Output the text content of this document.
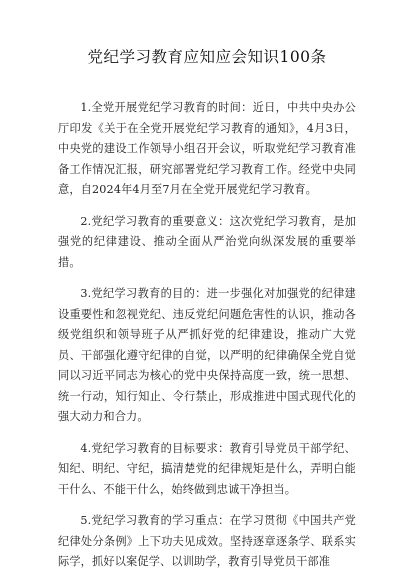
党纪学习教育应知应会知识100条

1.全党开展党纪学习教育的时间：近日，中共中央办公厅印发《关于在全党开展党纪学习教育的通知》，4月3日，中央党的建设工作领导小组召开会议，听取党纪学习教育准备工作情况汇报，研究部署党纪学习教育工作。经党中央同意，自2024年4月至7月在全党开展党纪学习教育。

2.党纪学习教育的重要意义：这次党纪学习教育，是加强党的纪律建设、推动全面从严治党向纵深发展的重要举措。

3.党纪学习教育的目的：进一步强化对加强党的纪律建设重要性和忽视党纪、违反党纪问题危害性的认识，推动各级党组织和领导班子从严抓好党的纪律建设，推动广大党员、干部强化遵守纪律的自觉，以严明的纪律确保全党自觉同以习近平同志为核心的党中央保持高度一致，统一思想、统一行动，知行知止、令行禁止，形成推进中国式现代化的强大动力和合力。

4.党纪学习教育的目标要求：教育引导党员干部学纪、知纪、明纪、守纪，搞清楚党的纪律规矩是什么，弄明白能干什么、不能干什么，始终做到忠诚干净担当。

5.党纪学习教育的学习重点：在学习贯彻《中国共产党纪律处分条例》上下功夫见成效。坚持逐章逐条学、联系实际学，抓好以案促学、以训助学，教育引导党员干部准
